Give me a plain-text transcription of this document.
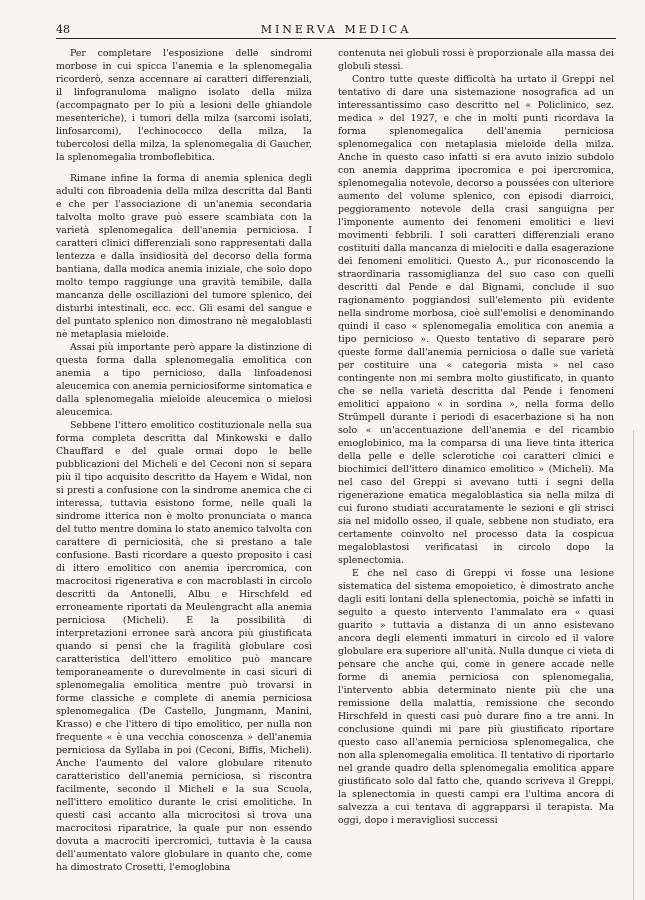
48	MINERVA MEDICA

Per completare l'esposizione delle sindromi morbose in cui spicca l'anemia e la splenomegalia ricorderò, senza accennare ai caratteri differenziali, il linfogranuloma maligno isolato della milza (accompagnato per lo più a lesioni delle ghiandole mesenteriche), i tumori della milza (sarcomi isolati, linfosarcomi), l'echinococco della milza, la tubercolosi della milza, la splenomegalia di Gaucher, la splenomegalia tromboflebitica.

Rimane infine la forma di anemia splenica degli adulti con fibroadenia della milza descritta dal Banti e che per l'associazione di un'anemia secondaria talvolta molto grave può essere scambiata con la varietà splenomegalica dell'anemia perniciosa. I caratteri clinici differenziali sono rappresentati dalla lentezza e dalla insidiosità del decorso della forma bantiana, dalla modica anemia iniziale, che solo dopo molto tempo raggiunge una gravità temibile, dalla mancanza delle oscillazioni del tumore splenico, dei disturbi intestinali, ecc. ecc. Gli esami del sangue e del puntato splenico non dimostrano nè megaloblasti nè metaplasia mieloide.

Assai più importante però appare la distinzione di questa forma dalla splenomegalia emolitica con anemia a tipo pernicioso, dalla linfoadenosi aleucemica con anemia perniciosiforme sintomatica e dalla splenomegalia mieloide aleucemica o mielosi aleucemica.

Sebbene l'ittero emolitico costituzionale nella sua forma completa descritta dal Minkowski e dallo Chauffard e del quale ormai dopo le belle pubblicazioni del Micheli e del Ceconi non si separa più il tipo acquisito descritto da Hayem e Widal, non si presti a confusione con la sindrome anemica che ci interessa, tuttavia esistono forme, nelle quali la sindrome itterica non è molto pronunciata o manca del tutto mentre domina lo stato anemico talvolta con carattere di perniciosità, che si prestano a tale confusione. Basti ricordare a questo proposito i casi di ittero emolitico con anemia ipercromica, con macrocitosi rigenerativa e con macroblasti in circolo descritti da Antonelli, Albu e Hirschfeld ed erroneamente riportati da Meulengracht alla anemia perniciosa (Micheli). E la possibilità di interpretazioni erronee sarà ancora più giustificata quando si pensi che la fragilità globulare così caratteristica dell'ittero emolitico può mancare temporaneamente o durevolmente in casi sicuri di splenomegalia emolitica mentre può trovarsi in forme classiche e complete di anemia perniciosa splenomegalica (De Castello, Jungmann, Manini, Krasso) e che l'ittero di tipo emolitico, per nulla non frequente « è una vecchia conoscenza » dell'anemia perniciosa da Syllaba in poi (Ceconi, Biffis, Micheli). Anche l'aumento del valore globulare ritenuto caratteristico dell'anemia perniciosa, si riscontra facilmente, secondo il Micheli e la sua Scuola, nell'ittero emolitico durante le crisi emolitiche. In questi casi accanto alla microcitosi si trova una macrocitosi riparatrice, la quale pur non essendo dovuta a macrociti ipercromici, tuttavia è la causa dell'aumentato valore globulare in quanto che, come ha dimostrato Crosetti, l'emoglobina

contenuta nei globuli rossi è proporzionale alla massa dei globuli stessi.

Contro tutte queste difficoltà ha urtato il Greppi nel tentativo di dare una sistemazione nosografica ad un interessantissimo caso descritto nel « Policlinico, sez. medica » del 1927, e che in molti punti ricordava la forma splenomegalica dell'anemia perniciosa splenomegalica con metaplasia mieloide della milza. Anche in questo caso infatti si era avuto inizio subdolo con anemia dapprima ipocromica e poi ipercromica, splenomegalia notevole, decorso a poussées con ulteriore aumento del volume splenico, con episodi diarroici, peggioramento notevole della crasi sanguigna per l'imponente aumento dei fenomeni emolitici e lievi movimenti febbrili. I soli caratteri differenziali erano costituiti dalla mancanza di mielociti e dalla esagerazione dei fenomeni emolitici. Questo A., pur riconoscendo la straordinaria rassomiglianza del suo caso con quelli descritti dal Pende e dal Bignami, conclude il suo ragionamento poggiandosi sull'elemento più evidente nella sindrome morbosa, cioè sull'emolisi e denominando quindi il caso « splenomegalia emolitica con anemia a tipo pernicioso ». Questo tentativo di separare però queste forme dall'anemia perniciosa o dalle sue varietà per costituire una « categoria mista » nel caso contingente non mi sembra molto giustificato, in quanto che se nella varietà descritta dal Pende i fenomeni emolitici appaiono « in sordina », nella forma dello Strümpell durante i periodi di esacerbazione si ha non solo « un'accentuazione dell'anemia e del ricambio emoglobinico, ma la comparsa di una lieve tinta itterica della pelle e delle sclerotiche coi caratteri clinici e biochimici dell'ittero dinamico emolitico » (Micheli). Ma nel caso del Greppi si avevano tutti i segni della rigenerazione ematica megaloblastica sia nella milza di cui furono studiati accuratamente le sezioni e gli strisci sia nel midollo osseo, il quale, sebbene non studiato, era certamente coinvolto nel processo data la cospicua megaloblastosi verificatasi in circolo dopo la splenectomia.

E che nel caso di Greppi vi fosse una lesione sistematica del sistema emopoietico, è dimostrato anche dagli esiti lontani della splenectomia, poichè se infatti in seguito a questo intervento l'ammalato era « quasi guarito » tuttavia a distanza di un anno esistevano ancora degli elementi immaturi in circolo ed il valore globulare era superiore all'unità. Nulla dunque ci vieta di pensare che anche qui, come in genere accade nelle forme di anemia perniciosa con splenomegalia, l'intervento abbia determinato niente più che una remissione della malattia, remissione che secondo Hirschfeld in questi casi può durare fino a tre anni. In conclusione quindi mi pare più giustificato riportare questo caso all'anemia perniciosa splenomegalica, che non alla splenomegalia emolitica. Il tentativo di riportarlo nel grande quadro della splenomegalia emolitica appare giustificato solo dal fatto che, quando scriveva il Greppi, la splenectomia in questi campi era l'ultima ancora di salvezza a cui tentava di aggrapparsi il terapista. Ma oggi, dopo i meravigliosi successi
